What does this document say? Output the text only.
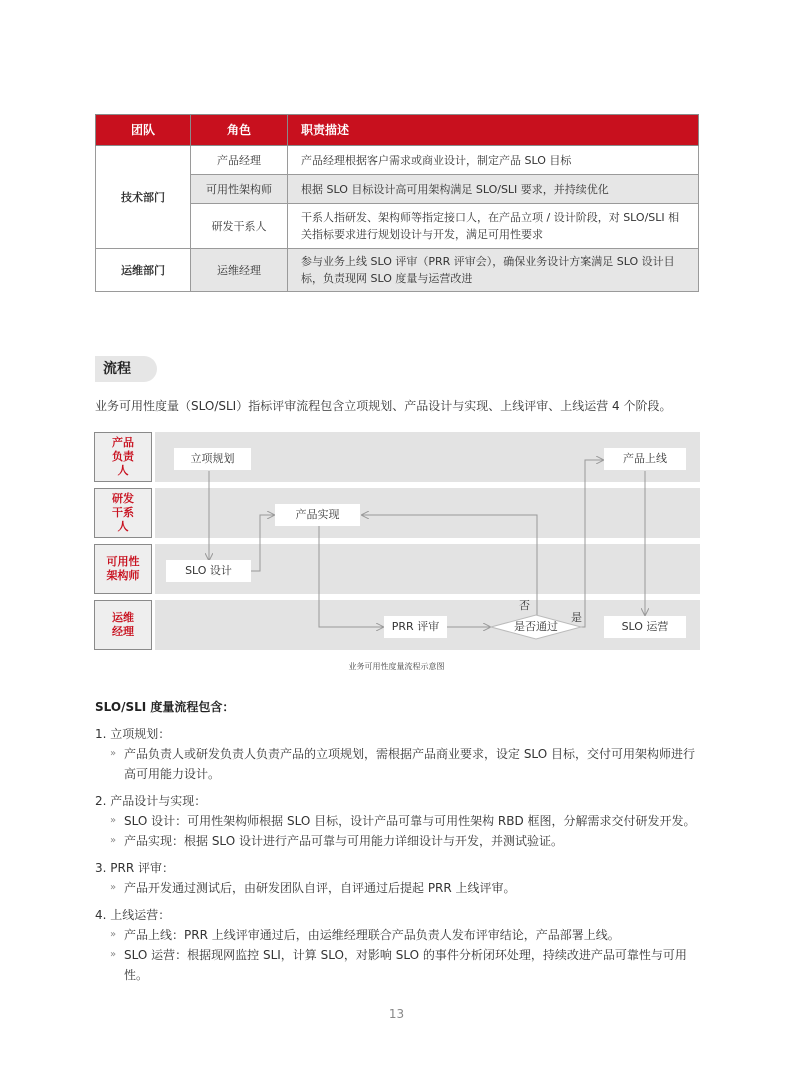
团队	角色	职责描述
技术部门	产品经理	产品经理根据客户需求或商业设计，制定产品 SLO 目标
	可用性架构师	根据 SLO 目标设计高可用架构满足 SLO/SLI 要求，并持续优化
	研发干系人	干系人指研发、架构师等指定接口人，在产品立项 / 设计阶段，对 SLO/SLI 相关指标要求进行规划设计与开发，满足可用性要求
运维部门	运维经理	参与业务上线 SLO 评审（PRR 评审会），确保业务设计方案满足 SLO 设计目标，负责现网 SLO 度量与运营改进
流程
业务可用性度量（SLO/SLI）指标评审流程包含立项规划、产品设计与实现、上线评审、上线运营 4 个阶段。
产品负责人
研发干系人
可用性架构师
运维经理
立项规划
产品实现
SLO 设计
PRR 评审	是否通过
产品上线
SLO 运营
否
是
业务可用性度量流程示意图
SLO/SLI 度量流程包含：
1. 立项规划：
» 产品负责人或研发负责人负责产品的立项规划，需根据产品商业要求，设定 SLO 目标，交付可用架构师进行高可用能力设计。
2. 产品设计与实现：
» SLO 设计：可用性架构师根据 SLO 目标，设计产品可靠与可用性架构 RBD 框图，分解需求交付研发开发。
» 产品实现：根据 SLO 设计进行产品可靠与可用能力详细设计与开发，并测试验证。
3. PRR 评审：
» 产品开发通过测试后，由研发团队自评，自评通过后提起 PRR 上线评审。
4. 上线运营：
» 产品上线：PRR 上线评审通过后，由运维经理联合产品负责人发布评审结论，产品部署上线。
» SLO 运营：根据现网监控 SLI，计算 SLO，对影响 SLO 的事件分析闭环处理，持续改进产品可靠性与可用性。
13
